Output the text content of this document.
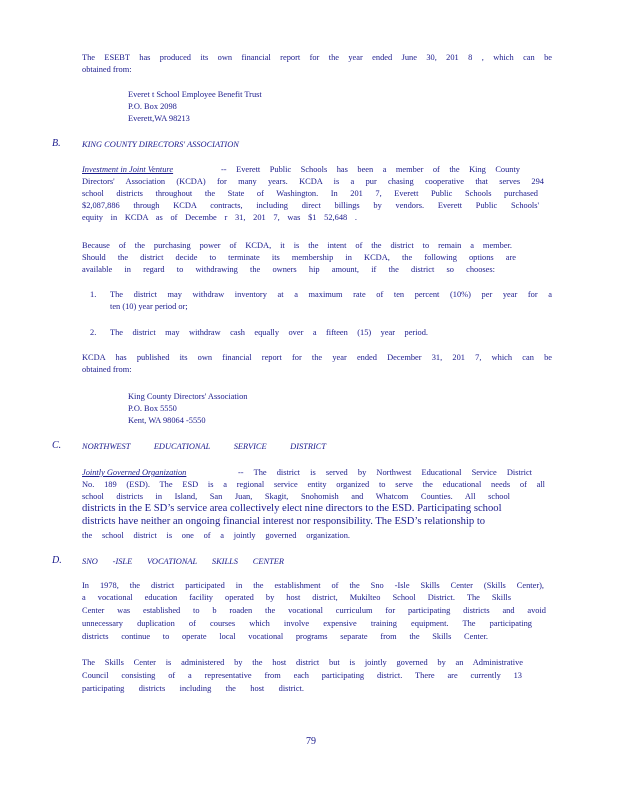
The ESEBT has produced its own financial report for the year ended June 30, 201 8 , which can be
obtained from:
Everet t School Employee Benefit Trust
P.O. Box 2098
Everett,WA 98213
B.	KING COUNTY DIRECTORS' ASSOCIATION
Investment in Joint Venture	-- Everett Public Schools has been a member of the King County
Directors' Association (KCDA) for many years. KCDA is a pur chasing cooperative that serves 294
school districts throughout the State of Washington. In 201 7, Everett Public Schools purchased
$2,087,886 through KCDA contracts, including direct billings by vendors. Everett Public Schools'
equity in KCDA as of Decembe r 31, 201 7, was $1 52,648 .
Because of the purchasing power of KCDA, it is the intent of the district to remain a member.
Should the district decide to terminate its membership in KCDA, the following options are
available in regard to withdrawing the owners hip amount, if the district so chooses:
1. The district may withdraw inventory at a maximum rate of ten percent (10%) per year for a
ten (10) year period or;
2. The district may withdraw cash equally over a fifteen (15) year period.
KCDA has published its own financial report for the year ended December 31, 201 7, which can be
obtained from:
King County Directors' Association
P.O. Box 5550
Kent, WA 98064 -5550
C. NORTHWEST EDUCATIONAL SERVICE DISTRICT
Jointly Governed Organization	-- The district is served by Northwest Educational Service District
No. 189 (ESD). The ESD is a regional service entity organized to serve the educational needs of all
school districts in Island, San Juan, Skagit, Snohomish and Whatcom Counties. All school
districts in the E SD’s service area collectively elect nine directors to the ESD. Participating school
districts have neither an ongoing financial interest nor responsibility. The ESD’s relationship to
the school district is one of a jointly governed organization.
D. SNO -ISLE VOCATIONAL SKILLS CENTER
In 1978, the district participated in the establishment of the Sno -Isle Skills Center (Skills Center),
a vocational education facility operated by host district, Mukilteo School District. The Skills
Center was established to b roaden the vocational curriculum for participating districts and avoid
unnecessary duplication of courses which involve expensive training equipment. The participating
districts continue to operate local vocational programs separate from the Skills Center.
The Skills Center is administered by the host district but is jointly governed by an Administrative
Council consisting of a representative from each participating district. There are currently 13
participating districts including the host district.
79
